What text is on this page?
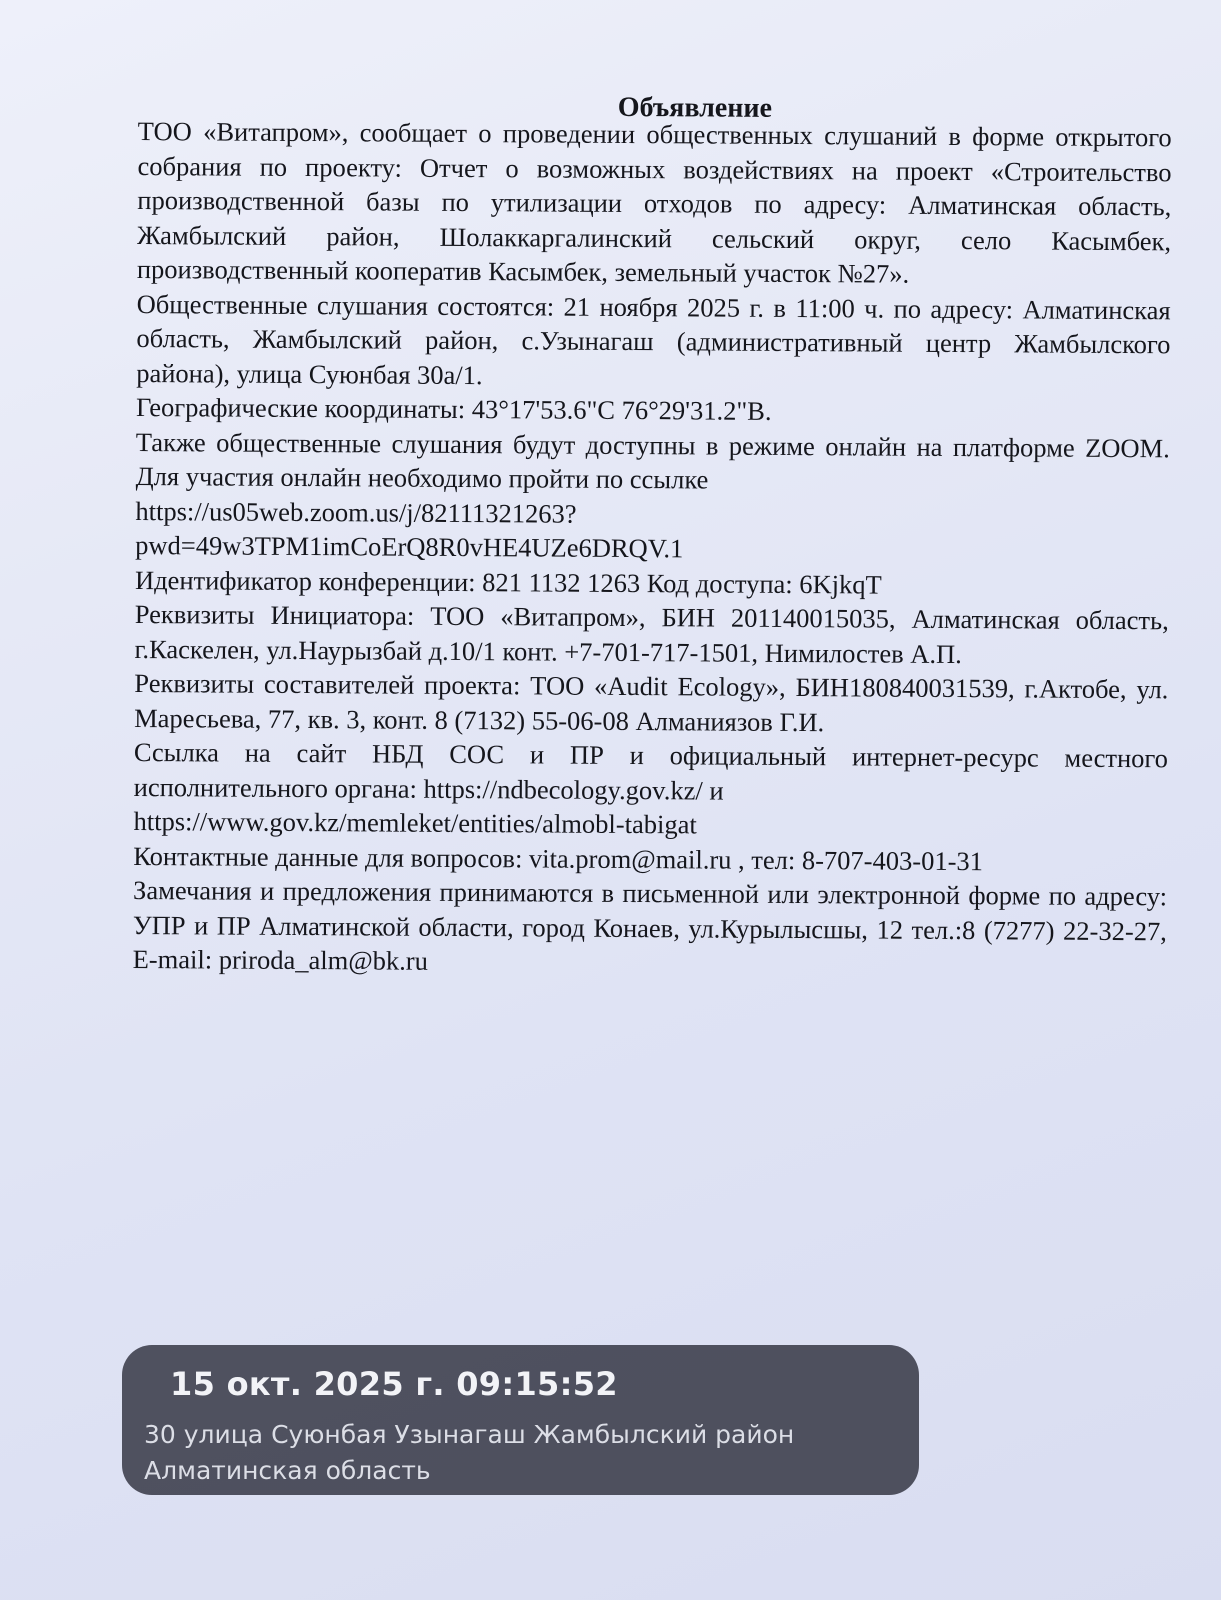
Объявление

ТОО «Витапром», сообщает о проведении общественных слушаний в форме открытого собрания по проекту: Отчет о возможных воздействиях на проект «Строительство производственной базы по утилизации отходов по адресу: Алматинская область, Жамбылский район, Шолаккаргалинский сельский округ, село Касымбек, производственный кооператив Касымбек, земельный участок №27».

Общественные слушания состоятся: 21 ноября 2025 г. в 11:00 ч. по адресу: Алматинская область, Жамбылский район, с.Узынагаш (административный центр Жамбылского района), улица Суюнбая 30а/1.

Географические координаты: 43°17'53.6"С 76°29'31.2"В.

Также общественные слушания будут доступны в режиме онлайн на платформе ZOOM. Для участия онлайн необходимо пройти по ссылке

https://us05web.zoom.us/j/82111321263?
pwd=49w3TPM1imCoErQ8R0vHE4UZe6DRQV.1

Идентификатор конференции: 821 1132 1263 Код доступа: 6KjkqT

Реквизиты Инициатора: ТОО «Витапром», БИН 201140015035, Алматинская область, г.Каскелен, ул.Наурызбай д.10/1 конт. +7-701-717-1501, Нимилостев А.П.

Реквизиты составителей проекта: ТОО «Audit Ecology», БИН180840031539, г.Актобе, ул. Маресьева, 77, кв. 3, конт. 8 (7132) 55-06-08 Алманиязов Г.И.

Ссылка на сайт НБД СОС и ПР и официальный интернет-ресурс местного исполнительного органа: https://ndbecology.gov.kz/ и

https://www.gov.kz/memleket/entities/almobl-tabigat

Контактные данные для вопросов: vita.prom@mail.ru , тел: 8-707-403-01-31

Замечания и предложения принимаются в письменной или электронной форме по адресу: УПР и ПР Алматинской области, город Конаев, ул.Курылысшы, 12 тел.:8 (7277) 22-32-27, E-mail: priroda_alm@bk.ru

15 окт. 2025 г. 09:15:52
30 улица Суюнбая Узынагаш Жамбылский район
Алматинская область
